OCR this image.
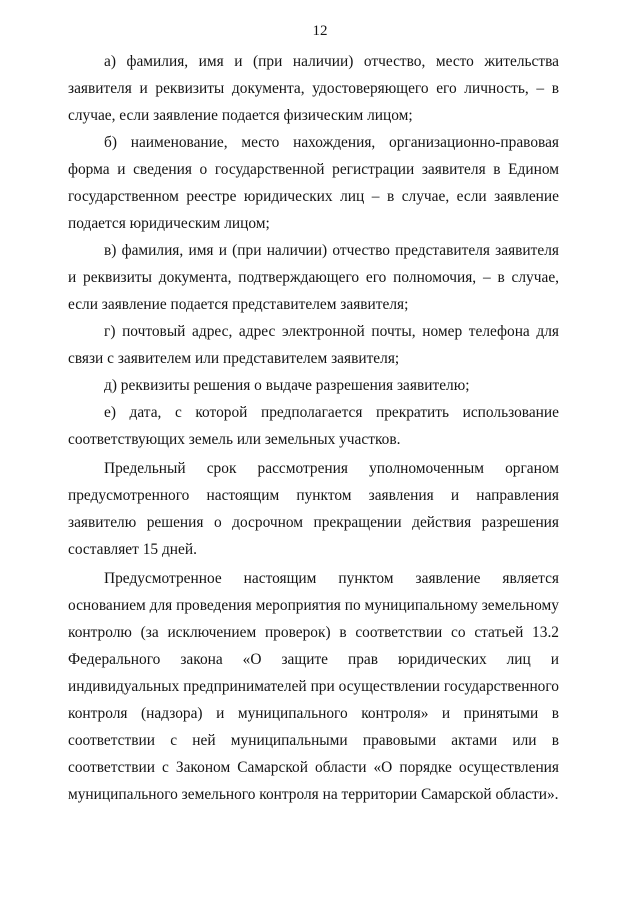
12

а) фамилия, имя и (при наличии) отчество, место жительства заявителя и реквизиты документа, удостоверяющего его личность, – в случае, если заявление подается физическим лицом;

б) наименование, место нахождения, организационно-правовая форма и сведения о государственной регистрации заявителя в Едином государственном реестре юридических лиц – в случае, если заявление подается юридическим лицом;

в) фамилия, имя и (при наличии) отчество представителя заявителя и реквизиты документа, подтверждающего его полномочия, – в случае, если заявление подается представителем заявителя;

г) почтовый адрес, адрес электронной почты, номер телефона для связи с заявителем или представителем заявителя;

д) реквизиты решения о выдаче разрешения заявителю;

е) дата, с которой предполагается прекратить использование соответствующих земель или земельных участков.

Предельный срок рассмотрения уполномоченным органом предусмотренного настоящим пунктом заявления и направления заявителю решения о досрочном прекращении действия разрешения составляет 15 дней.

Предусмотренное настоящим пунктом заявление является основанием для проведения мероприятия по муниципальному земельному контролю (за исключением проверок) в соответствии со статьей 13.2 Федерального закона «О защите прав юридических лиц и индивидуальных предпринимателей при осуществлении государственного контроля (надзора) и муниципального контроля» и принятыми в соответствии с ней муниципальными правовыми актами или в соответствии с Законом Самарской области «О порядке осуществления муниципального земельного контроля на территории Самарской области».
